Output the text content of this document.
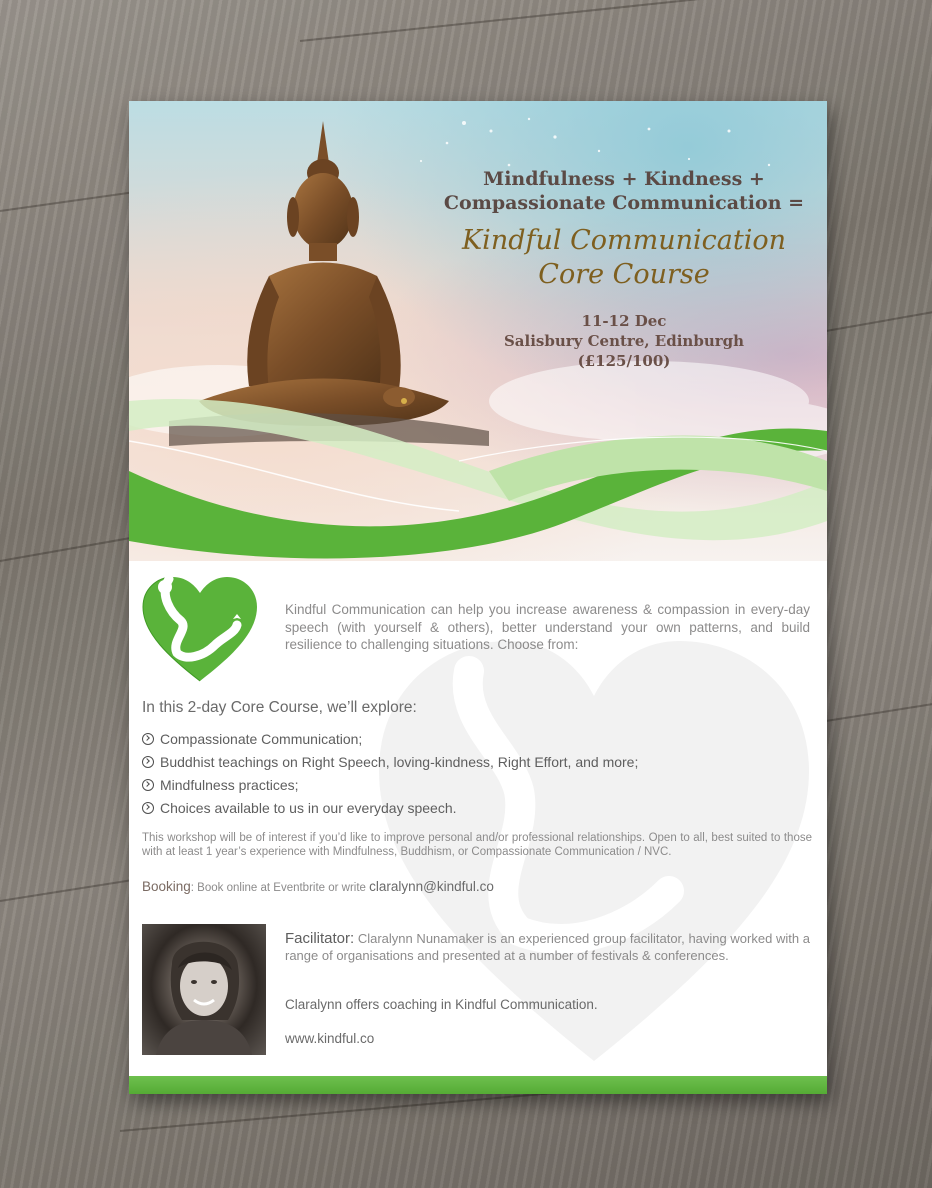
Mindfulness + Kindness +
Compassionate Communication =
Kindful Communication
Core Course
11-12 Dec
Salisbury Centre, Edinburgh
(£125/100)
Kindful Communication can help you increase awareness & compassion in every-day speech (with yourself & others), better understand your own patterns, and build resilience to challenging situations. Choose from:
In this 2-day Core Course, we’ll explore:
Compassionate Communication;
Buddhist teachings on Right Speech, loving-kindness, Right Effort, and more;
Mindfulness practices;
Choices available to us in our everyday speech.
This workshop will be of interest if you’d like to improve personal and/or professional relationships. Open to all, best suited to those with at least 1 year’s experience with Mindfulness, Buddhism, or Compassionate Communication / NVC.
Booking: Book online at Eventbrite or write claralynn@kindful.co
Facilitator: Claralynn Nunamaker is an experienced group facilitator, having worked with a range of organisations and presented at a number of festivals & conferences.
Claralynn offers coaching in Kindful Communication.
www.kindful.co
